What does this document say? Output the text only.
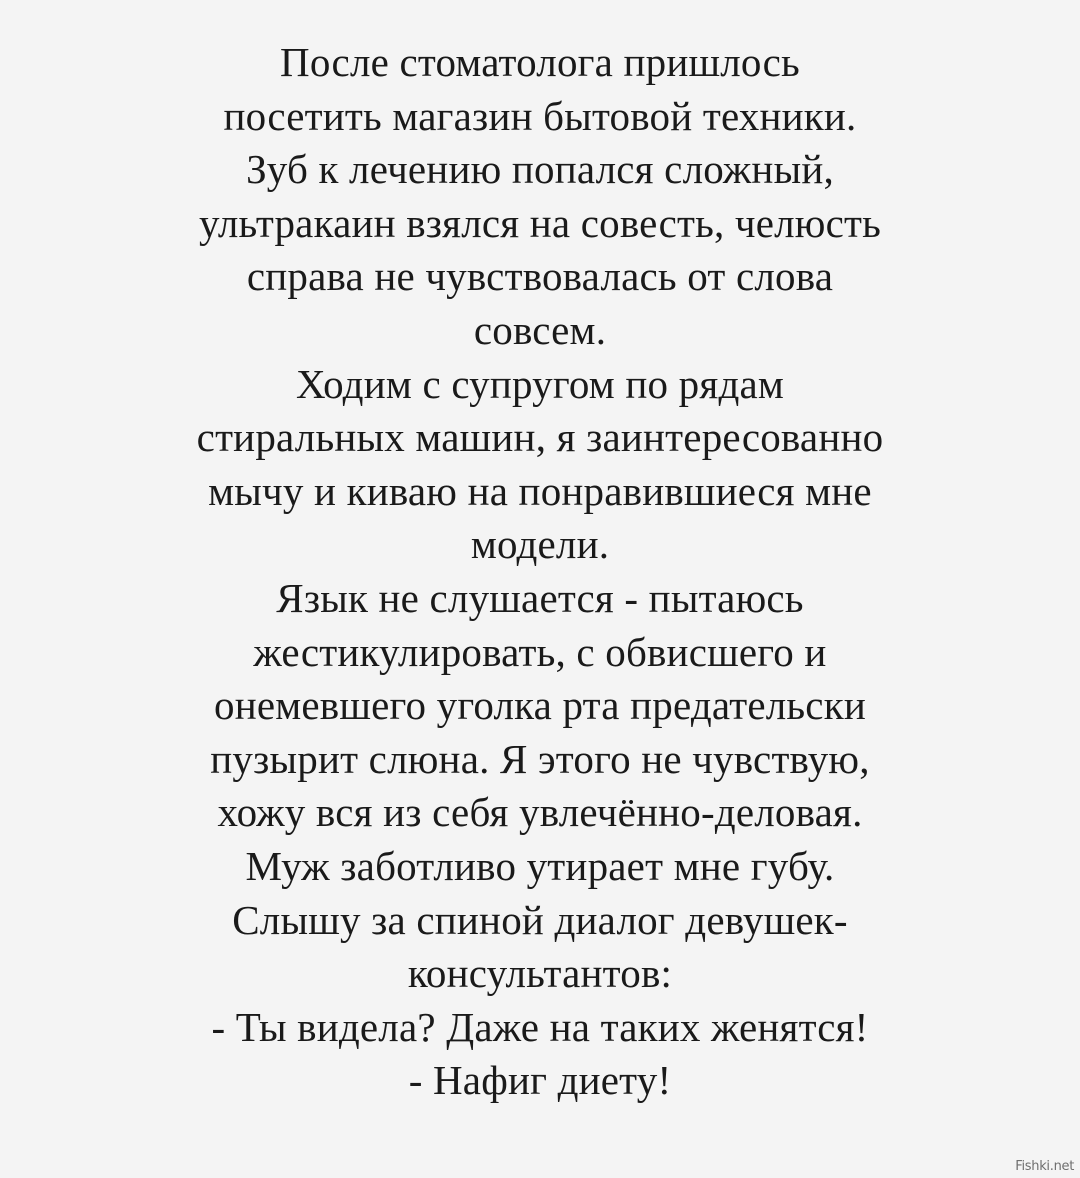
После стоматолога пришлось
посетить магазин бытовой техники.
Зуб к лечению попался сложный,
ультракаин взялся на совесть, челюсть
справа не чувствовалась от слова
совсем.
Ходим с супругом по рядам
стиральных машин, я заинтересованно
мычу и киваю на понравившиеся мне
модели.
Язык не слушается - пытаюсь
жестикулировать, с обвисшего и
онемевшего уголка рта предательски
пузырит слюна. Я этого не чувствую,
хожу вся из себя увлечённо-деловая.
Муж заботливо утирает мне губу.
Слышу за спиной диалог девушек-
консультантов:
- Ты видела? Даже на таких женятся!
- Нафиг диету!
Fishki.net
